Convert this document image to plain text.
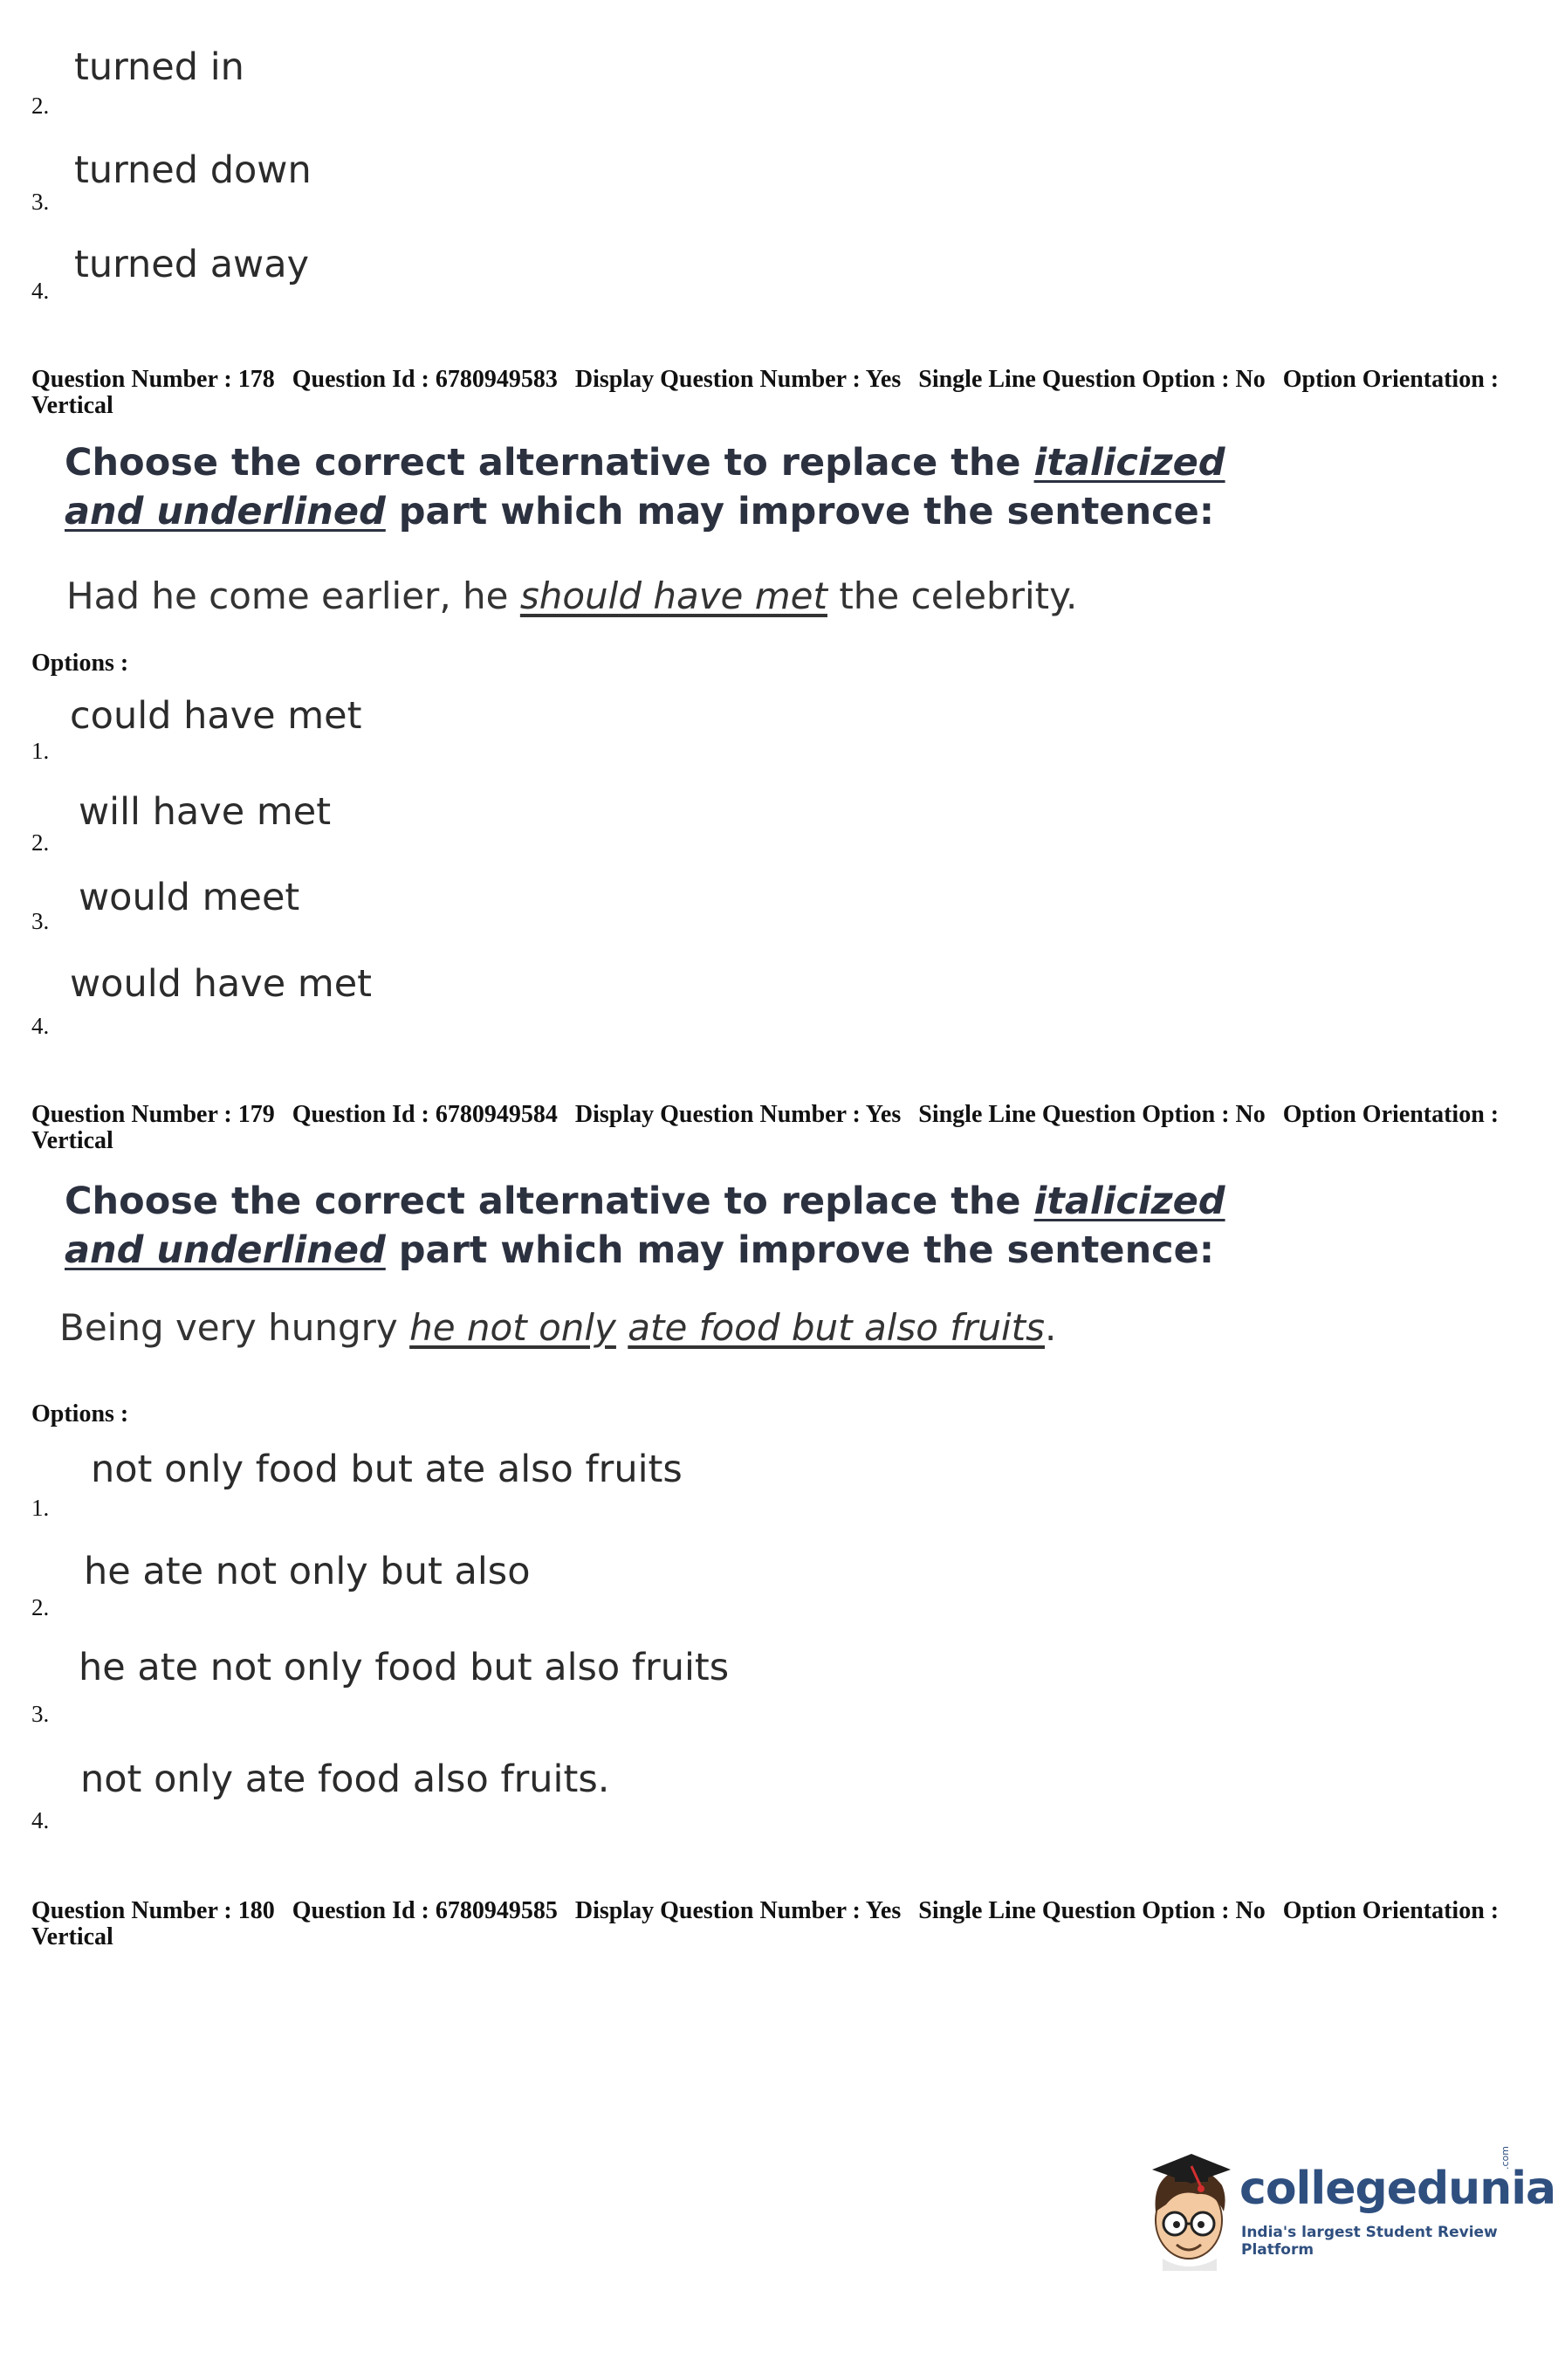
turned in
2.
turned down
3.
turned away
4.
Question Number : 178 Question Id : 6780949583 Display Question Number : Yes Single Line Question Option : No Option Orientation : Vertical
Choose the correct alternative to replace the italicized and underlined part which may improve the sentence:
Had he come earlier, he should have met the celebrity.
Options :
could have met
1.
will have met
2.
would meet
3.
would have met
4.
Question Number : 179 Question Id : 6780949584 Display Question Number : Yes Single Line Question Option : No Option Orientation : Vertical
Choose the correct alternative to replace the italicized and underlined part which may improve the sentence:
Being very hungry he not only ate food but also fruits.
Options :
not only food but ate also fruits
1.
he ate not only but also
2.
he ate not only food but also fruits
3.
not only ate food also fruits.
4.
Question Number : 180 Question Id : 6780949585 Display Question Number : Yes Single Line Question Option : No Option Orientation : Vertical
collegedunia
.com
India's largest Student Review Platform
